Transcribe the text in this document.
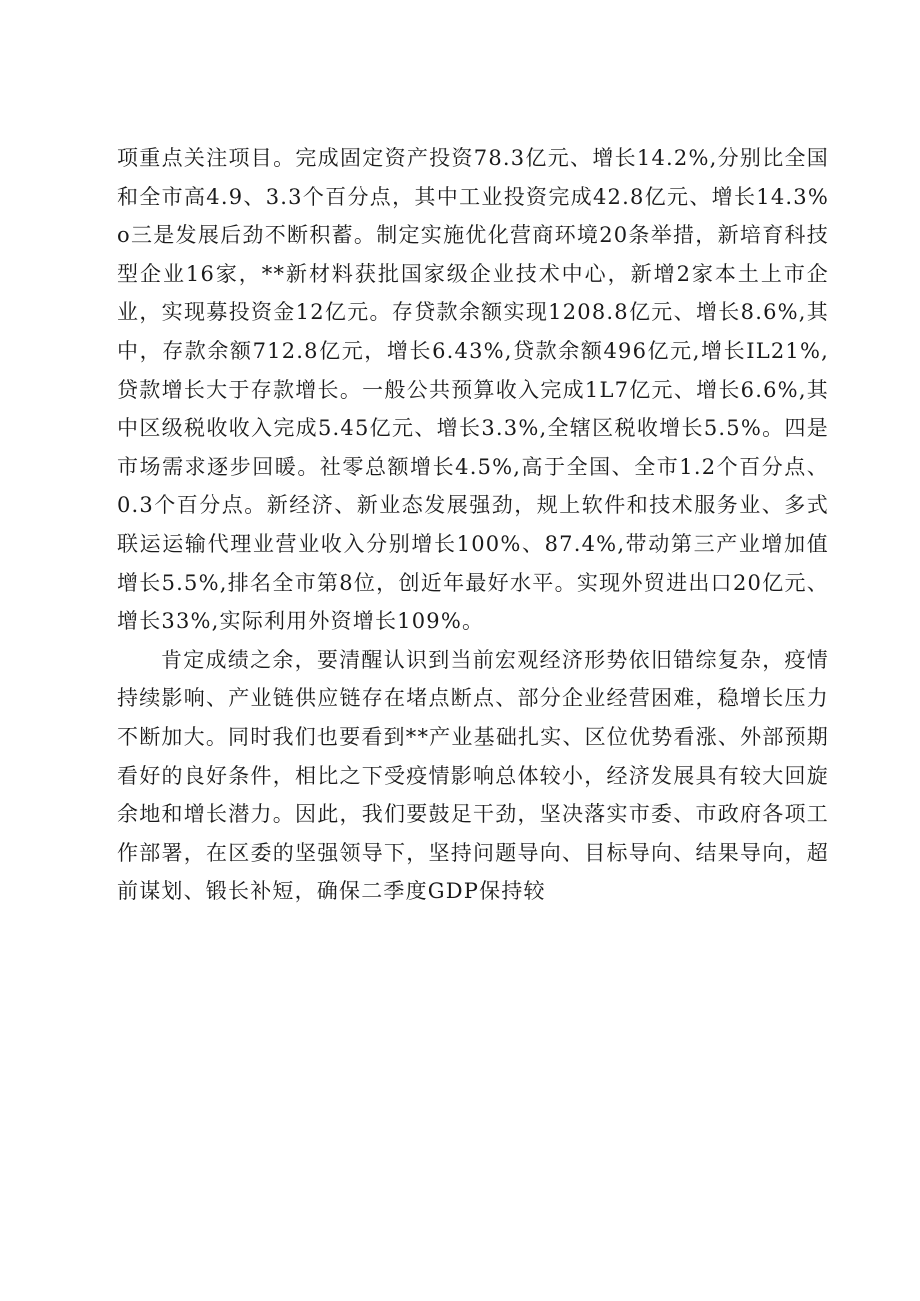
项重点关注项目。完成固定资产投资78.3亿元、增长14.2%,分别比全国和全市高4.9、3.3个百分点，其中工业投资完成42.8亿元、增长14.3%o三是发展后劲不断积蓄。制定实施优化营商环境20条举措，新培育科技型企业16家，**新材料获批国家级企业技术中心，新增2家本土上市企业，实现募投资金12亿元。存贷款余额实现1208.8亿元、增长8.6%,其中，存款余额712.8亿元，增长6.43%,贷款余额496亿元,增长IL21%,贷款增长大于存款增长。一般公共预算收入完成1L7亿元、增长6.6%,其中区级税收收入完成5.45亿元、增长3.3%,全辖区税收增长5.5%。四是市场需求逐步回暖。社零总额增长4.5%,高于全国、全市1.2个百分点、0.3个百分点。新经济、新业态发展强劲，规上软件和技术服务业、多式联运运输代理业营业收入分别增长100%、87.4%,带动第三产业增加值增长5.5%,排名全市第8位，创近年最好水平。实现外贸进出口20亿元、增长33%,实际利用外资增长109%。

肯定成绩之余，要清醒认识到当前宏观经济形势依旧错综复杂，疫情持续影响、产业链供应链存在堵点断点、部分企业经营困难，稳增长压力不断加大。同时我们也要看到**产业基础扎实、区位优势看涨、外部预期看好的良好条件，相比之下受疫情影响总体较小，经济发展具有较大回旋余地和增长潜力。因此，我们要鼓足干劲，坚决落实市委、市政府各项工作部署，在区委的坚强领导下，坚持问题导向、目标导向、结果导向，超前谋划、锻长补短，确保二季度GDP保持较
